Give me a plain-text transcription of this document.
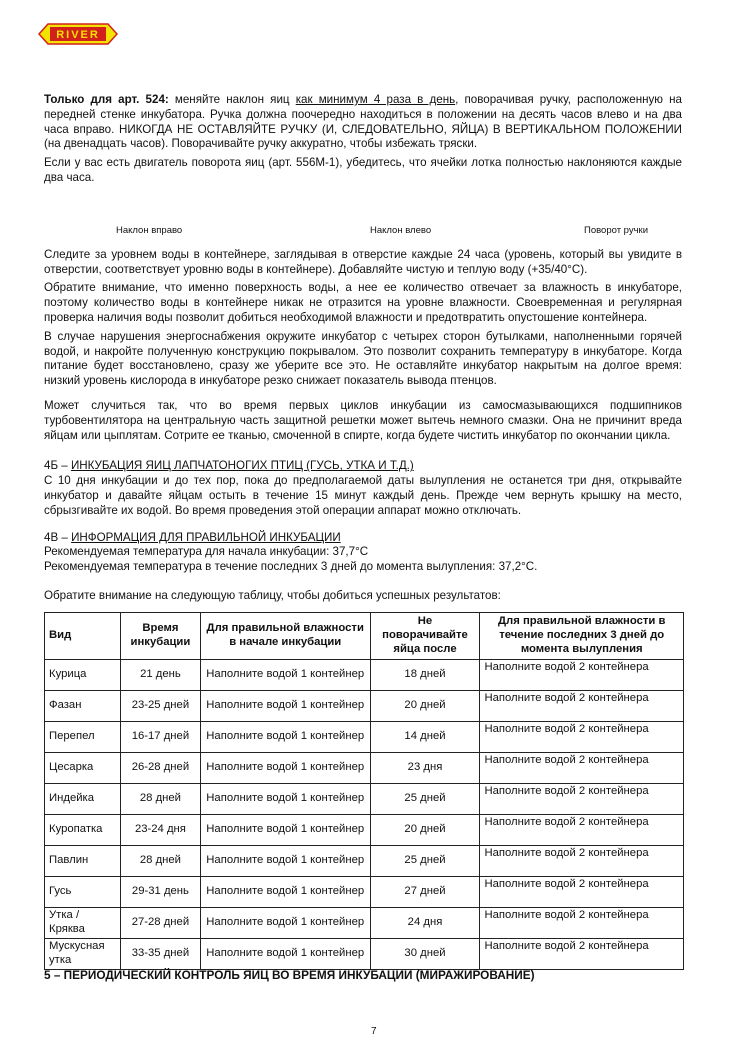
RIVER

Только для арт. 524: меняйте наклон яиц как минимум 4 раза в день, поворачивая ручку, расположенную на передней стенке инкубатора. Ручка должна поочередно находиться в положении на десять часов влево и на два часа вправо. НИКОГДА НЕ ОСТАВЛЯЙТЕ РУЧКУ (И, СЛЕДОВАТЕЛЬНО, ЯЙЦА) В ВЕРТИКАЛЬНОМ ПОЛОЖЕНИИ (на двенадцать часов). Поворачивайте ручку аккуратно, чтобы избежать тряски.

Если у вас есть двигатель поворота яиц (арт. 556М-1), убедитесь, что ячейки лотка полностью наклоняются каждые два часа.

Наклон вправо	Наклон влево	Поворот ручки

Следите за уровнем воды в контейнере, заглядывая в отверстие каждые 24 часа (уровень, который вы увидите в отверстии, соответствует уровню воды в контейнере). Добавляйте чистую и теплую воду (+35/40°С).

Обратите внимание, что именно поверхность воды, а нее ее количество отвечает за влажность в инкубаторе, поэтому количество воды в контейнере никак не отразится на уровне влажности. Своевременная и регулярная проверка наличия воды позволит добиться необходимой влажности и предотвратить опустошение контейнера.

В случае нарушения энергоснабжения окружите инкубатор с четырех сторон бутылками, наполненными горячей водой, и накройте полученную конструкцию покрывалом. Это позволит сохранить температуру в инкубаторе. Когда питание будет восстановлено, сразу же уберите все это. Не оставляйте инкубатор накрытым на долгое время: низкий уровень кислорода в инкубаторе резко снижает показатель вывода птенцов.

Может случиться так, что во время первых циклов инкубации из самосмазывающихся подшипников турбовентилятора на центральную часть защитной решетки может вытечь немного смазки. Она не причинит вреда яйцам или цыплятам. Сотрите ее тканью, смоченной в спирте, когда будете чистить инкубатор по окончании цикла.

4Б – ИНКУБАЦИЯ ЯИЦ ЛАПЧАТОНОГИХ ПТИЦ (ГУСЬ, УТКА И Т.Д.)

С 10 дня инкубации и до тех пор, пока до предполагаемой даты вылупления не останется три дня, открывайте инкубатор и давайте яйцам остыть в течение 15 минут каждый день. Прежде чем вернуть крышку на место, сбрызгивайте их водой. Во время проведения этой операции аппарат можно отключать.

4В – ИНФОРМАЦИЯ ДЛЯ ПРАВИЛЬНОЙ ИНКУБАЦИИ
Рекомендуемая температура для начала инкубации: 37,7°С
Рекомендуемая температура в течение последних 3 дней до момента вылупления: 37,2°С.
Обратите внимание на следующую таблицу, чтобы добиться успешных результатов:
Вид	Время инкубации	Для правильной влажности в начале инкубации	Не поворачивайте яйца после	Для правильной влажности в течение последних 3 дней до момента вылупления
Курица	21 день	Наполните водой 1 контейнер	18 дней	Наполните водой 2 контейнера
Фазан	23-25 дней	Наполните водой 1 контейнер	20 дней	Наполните водой 2 контейнера
Перепел	16-17 дней	Наполните водой 1 контейнер	14 дней	Наполните водой 2 контейнера
Цесарка	26-28 дней	Наполните водой 1 контейнер	23 дня	Наполните водой 2 контейнера
Индейка	28 дней	Наполните водой 1 контейнер	25 дней	Наполните водой 2 контейнера
Куропатка	23-24 дня	Наполните водой 1 контейнер	20 дней	Наполните водой 2 контейнера
Павлин	28 дней	Наполните водой 1 контейнер	25 дней	Наполните водой 2 контейнера
Гусь	29-31 день	Наполните водой 1 контейнер	27 дней	Наполните водой 2 контейнера
Утка / Кряква	27-28 дней	Наполните водой 1 контейнер	24 дня	Наполните водой 2 контейнера
Мускусная утка	33-35 дней	Наполните водой 1 контейнер	30 дней	Наполните водой 2 контейнера
5 – ПЕРИОДИЧЕСКИЙ КОНТРОЛЬ ЯИЦ ВО ВРЕМЯ ИНКУБАЦИИ (МИРАЖИРОВАНИЕ)
7
